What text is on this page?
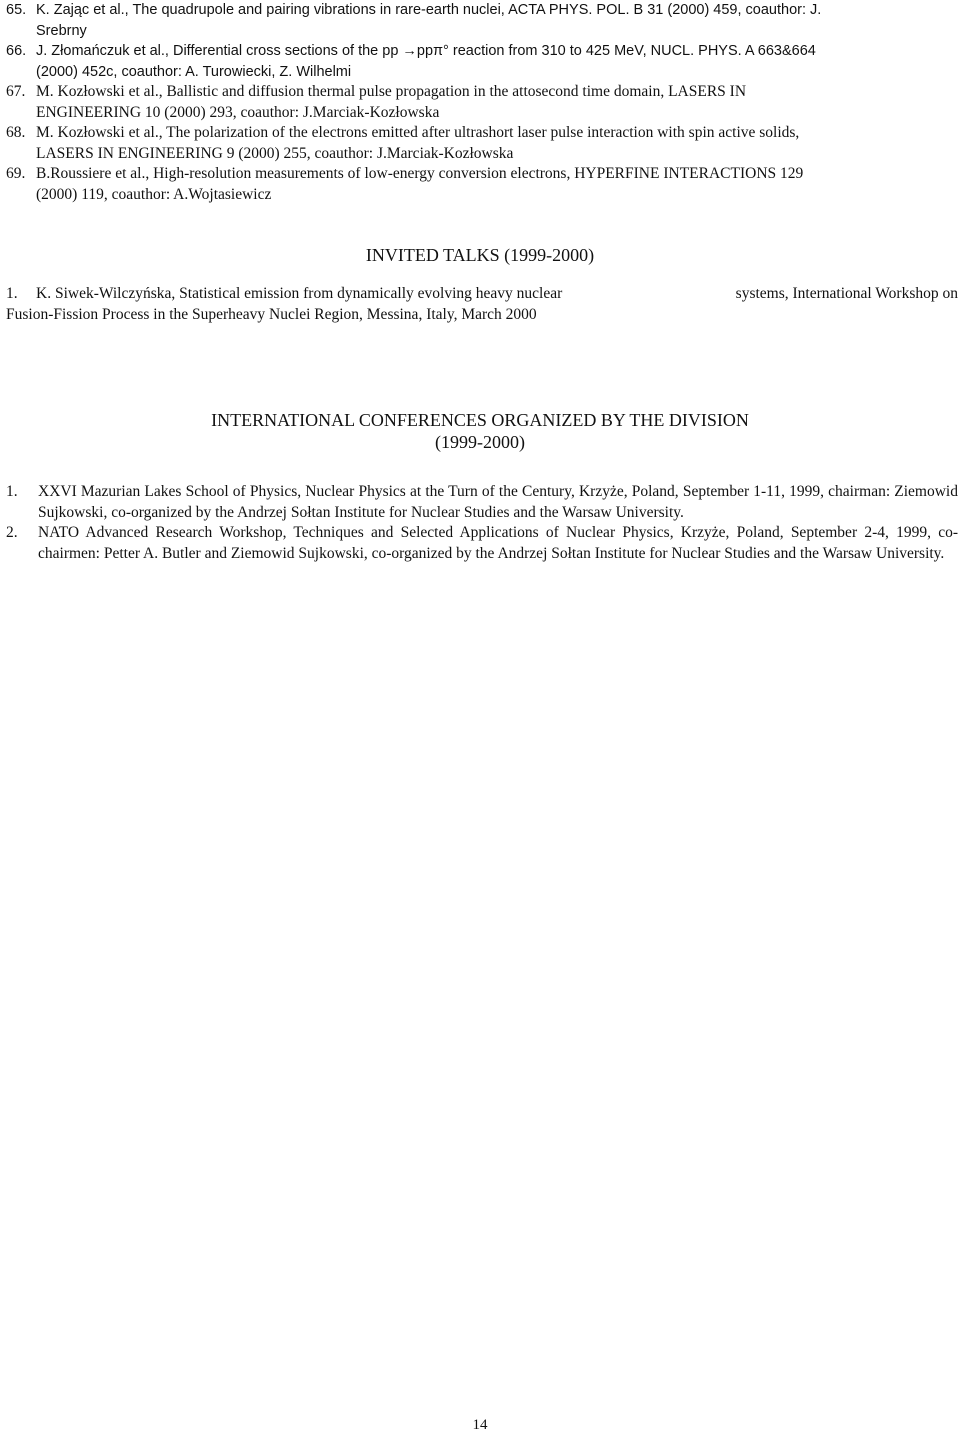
65. K. Zając et al., The quadrupole and pairing vibrations in rare-earth nuclei, ACTA PHYS. POL. B 31 (2000) 459, coauthor: J.
Srebrny
66. J. Złomańczuk et al., Differential cross sections of the pp →ppπ° reaction from 310 to 425 MeV, NUCL. PHYS. A 663&664
(2000) 452c, coauthor: A. Turowiecki, Z. Wilhelmi
67. M. Kozłowski et al., Ballistic and diffusion thermal pulse propagation in the attosecond time domain, LASERS IN
ENGINEERING 10 (2000) 293, coauthor: J.Marciak-Kozłowska
68. M. Kozłowski et al., The polarization of the electrons emitted after ultrashort laser pulse interaction with spin active solids,
LASERS IN ENGINEERING 9 (2000) 255, coauthor: J.Marciak-Kozłowska
69. B.Roussiere et al., High-resolution measurements of low-energy conversion electrons, HYPERFINE INTERACTIONS 129
(2000) 119, coauthor: A.Wojtasiewicz
INVITED TALKS (1999-2000)
1. K. Siwek-Wilczyńska, Statistical emission from dynamically evolving heavy nuclear	systems, International Workshop on
Fusion-Fission Process in the Superheavy Nuclei Region, Messina, Italy, March 2000
INTERNATIONAL CONFERENCES ORGANIZED BY THE DIVISION
(1999-2000)
1.	XXVI Mazurian Lakes School of Physics, Nuclear Physics at the Turn of the Century, Krzyże, Poland, September 1-11, 1999, chairman: Ziemowid Sujkowski, co-organized by the Andrzej Sołtan Institute for Nuclear Studies and the Warsaw University.
2.	NATO Advanced Research Workshop, Techniques and Selected Applications of Nuclear Physics, Krzyże, Poland, September 2-4, 1999, co-chairmen: Petter A. Butler and Ziemowid Sujkowski, co-organized by the Andrzej Sołtan Institute for Nuclear Studies and the Warsaw University.
14
